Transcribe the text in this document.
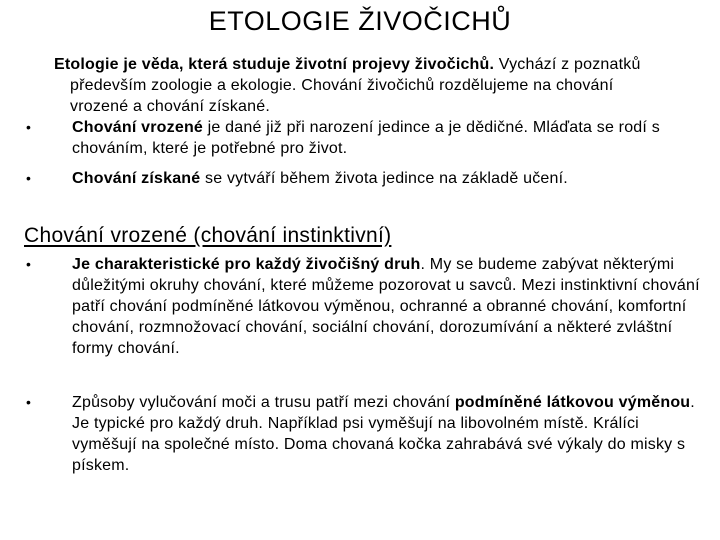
ETOLOGIE ŽIVOČICHŮ
Etologie je věda, která studuje životní projevy živočichů. Vychází z poznatků
především zoologie a ekologie. Chování živočichů rozdělujeme na chování
vrozené a chování získané.
•	Chování vrozené je dané již při narození jedince a je dědičné. Mláďata se rodí s chováním, které je potřebné pro život.
•	Chování získané se vytváří během života jedince na základě učení.
Chování vrozené (chování instinktivní)
•	Je charakteristické pro každý živočišný druh. My se budeme zabývat některými důležitými okruhy chování, které můžeme pozorovat u savců. Mezi instinktivní chování patří chování podmíněné látkovou výměnou, ochranné a obranné chování, komfortní chování, rozmnožovací chování, sociální chování, dorozumívání a některé zvláštní formy chování.
•	Způsoby vylučování moči a trusu patří mezi chování podmíněné látkovou výměnou. Je typické pro každý druh. Například psi vyměšují na libovolném místě. Králíci vyměšují na společné místo. Doma chovaná kočka zahrabává své výkaly do misky s pískem.
